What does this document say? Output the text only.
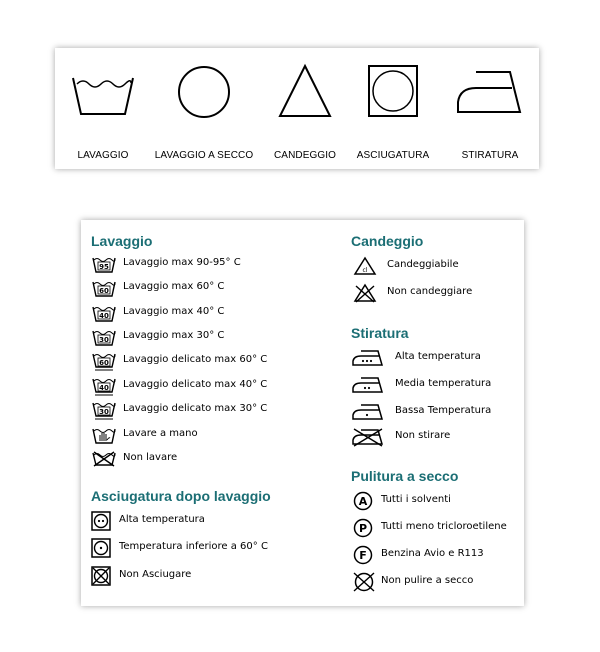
LAVAGGIO	LAVAGGIO A SECCO	CANDEGGIO	ASCIUGATURA	STIRATURA
Lavaggio
95 Lavaggio max 90-95° C
60 Lavaggio max 60° C
40 Lavaggio max 40° C
30 Lavaggio max 30° C
60 Lavaggio delicato max 60° C
40 Lavaggio delicato max 40° C
30 Lavaggio delicato max 30° C
Lavare a mano
Non lavare
Asciugatura dopo lavaggio
Alta temperatura
Temperatura inferiore a 60° C
Non Asciugare
Candeggio
cl
Candeggiabile
Non candeggiare
Stiratura
Alta temperatura
Media temperatura
Bassa Temperatura
Non stirare
Pulitura a secco
A Tutti i solventi
P Tutti meno tricloroetilene
F Benzina Avio e R113
Non pulire a secco
